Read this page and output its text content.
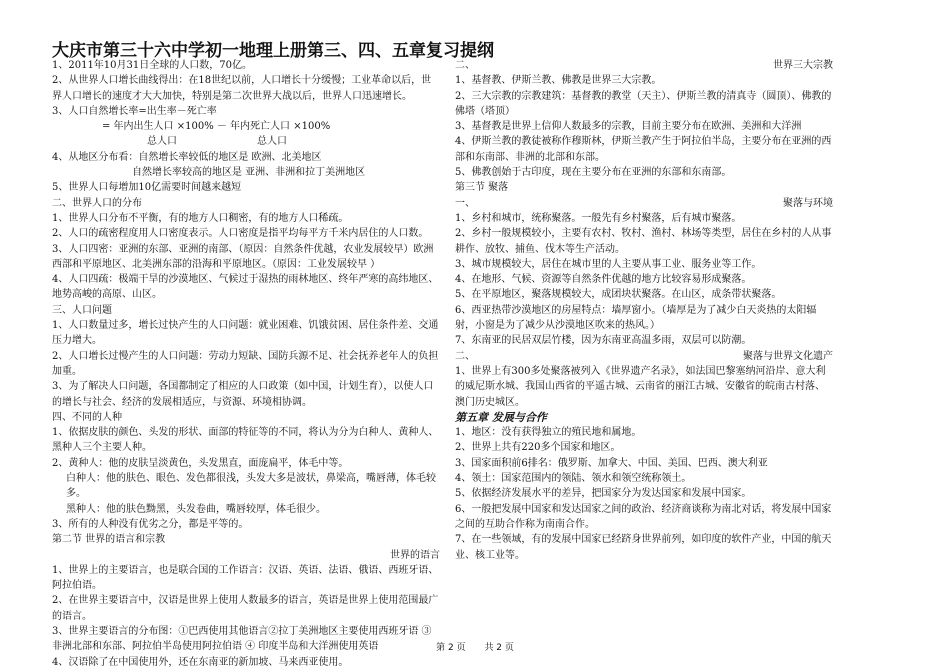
大庆市第三十六中学初一地理上册第三、四、五章复习提纲

1、2011年10月31日全球的人口数，70亿。

2、从世界人口增长曲线得出：在18世纪以前，人口增长十分缓慢；工业革命以后，世界人口增长的速度才大大加快，特别是第二次世界大战以后，世界人口迅速增长。

3、人口自然增长率=出生率－死亡率

= 年内出生人口 ×100% － 年内死亡人口 ×100%

总人口　　　　　　　　总人口

4、从地区分布看：自然增长率较低的地区是 欧洲、北美地区

自然增长率较高的地区是 亚洲、非洲和拉丁美洲地区

5、世界人口每增加10亿需要时间越来越短

二、世界人口的分布

1、世界人口分布不平衡，有的地方人口稠密，有的地方人口稀疏。

2、人口的疏密程度用人口密度表示。人口密度是指平均每平方千米内居住的人口数。

3、人口四密：亚洲的东部、亚洲的南部、（原因：自然条件优越，农业发展较早）欧洲西部和平原地区、北美洲东部的沿海和平原地区。（原因：工业发展较早 ）

4、人口四疏：极端干旱的沙漠地区、气候过于湿热的雨林地区、终年严寒的高纬地区、地势高峻的高原、山区。

三、人口问题

1、人口数量过多，增长过快产生的人口问题：就业困难、饥饿贫困、居住条件差、交通压力增大。

2、人口增长过慢产生的人口问题：劳动力短缺、国防兵源不足、社会抚养老年人的负担加重。

3、为了解决人口问题，各国都制定了相应的人口政策（如中国，计划生育），以使人口的增长与社会、经济的发展相适应，与资源、环境相协调。

四、不同的人种

1、依据皮肤的颜色、头发的形状、面部的特征等的不同，将认为分为白种人、黄种人、黑种人三个主要人种。

2、黄种人：他的皮肤呈淡黄色，头发黑直，面庞扁平，体毛中等。

白种人：他的肤色、眼色、发色都很浅，头发大多是波状，鼻梁高，嘴唇薄，体毛较多。

黑种人：他的肤色黝黑，头发卷曲，嘴唇较厚，体毛很少。

3、所有的人种没有优劣之分，都是平等的。

第二节 世界的语言和宗教

世界的语言

1、世界上的主要语言，也是联合国的工作语言：汉语、英语、法语、俄语、西班牙语、阿拉伯语。

2、在世界主要语言中，汉语是世界上使用人数最多的语言，英语是世界上使用范围最广的语言。

3、世界主要语言的分布图：①巴西使用其他语言②拉丁美洲地区主要使用西班牙语 ③非洲北部和东部、阿拉伯半岛使用阿拉伯语 ④ 印度半岛和大洋洲使用英语

4、汉语除了在中国使用外，还在东南亚的新加坡、马来西亚使用。

二、	世界三大宗教

1、基督教、伊斯兰教、佛教是世界三大宗教。

2、三大宗教的宗教建筑：基督教的教堂（天主）、伊斯兰教的清真寺（圆顶）、佛教的佛塔（塔顶）

3、基督教是世界上信仰人数最多的宗教，目前主要分布在欧洲、美洲和大洋洲

4、伊斯兰教的教徒被称作穆斯林，伊斯兰教产生于阿拉伯半岛，主要分布在亚洲的西部和东南部、非洲的北部和东部。

5、佛教创始于古印度，现在主要分布在亚洲的东部和东南部。

第三节 聚落

一、	聚落与环境

1、乡村和城市，统称聚落。一般先有乡村聚落，后有城市聚落。

2、乡村一般规模较小，主要有农村、牧村、渔村、林场等类型，居住在乡村的人从事耕作、放牧、捕鱼、伐木等生产活动。

3、城市规模较大，居住在城市里的人主要从事工业、服务业等工作。

4、在地形、气候、资源等自然条件优越的地方比较容易形成聚落。

5、在平原地区，聚落规模较大，成团块状聚落。在山区，成条带状聚落。

6、西亚热带沙漠地区的房屋特点：墙厚窗小。（墙厚是为了减少白天炎热的太阳辐射，小窗是为了减少从沙漠地区吹来的热风。）

7、东南亚的民居双层竹楼，因为东南亚高温多雨，双层可以防潮。

二、	聚落与世界文化遗产

1、世界上有300多处聚落被列入《世界遗产名录》，如法国巴黎塞纳河沿岸、意大利的威尼斯水城、我国山西省的平遥古城、云南省的丽江古城、安徽省的皖南古村落、澳门历史城区。

第五章 发展与合作

1、地区：没有获得独立的殖民地和属地。

2、世界上共有220多个国家和地区。

3、国家面积前6排名：俄罗斯、加拿大、中国、美国、巴西、澳大利亚

4、领土：国家范围内的领陆、领水和领空统称领土。

5、依据经济发展水平的差异，把国家分为发达国家和发展中国家。

6、一般把发展中国家和发达国家之间的政治、经济商谈称为南北对话，将发展中国家之间的互助合作称为南南合作。

7、在一些领域，有的发展中国家已经跻身世界前列，如印度的软件产业，中国的航天业、核工业等。

第 2 页 共 2 页
